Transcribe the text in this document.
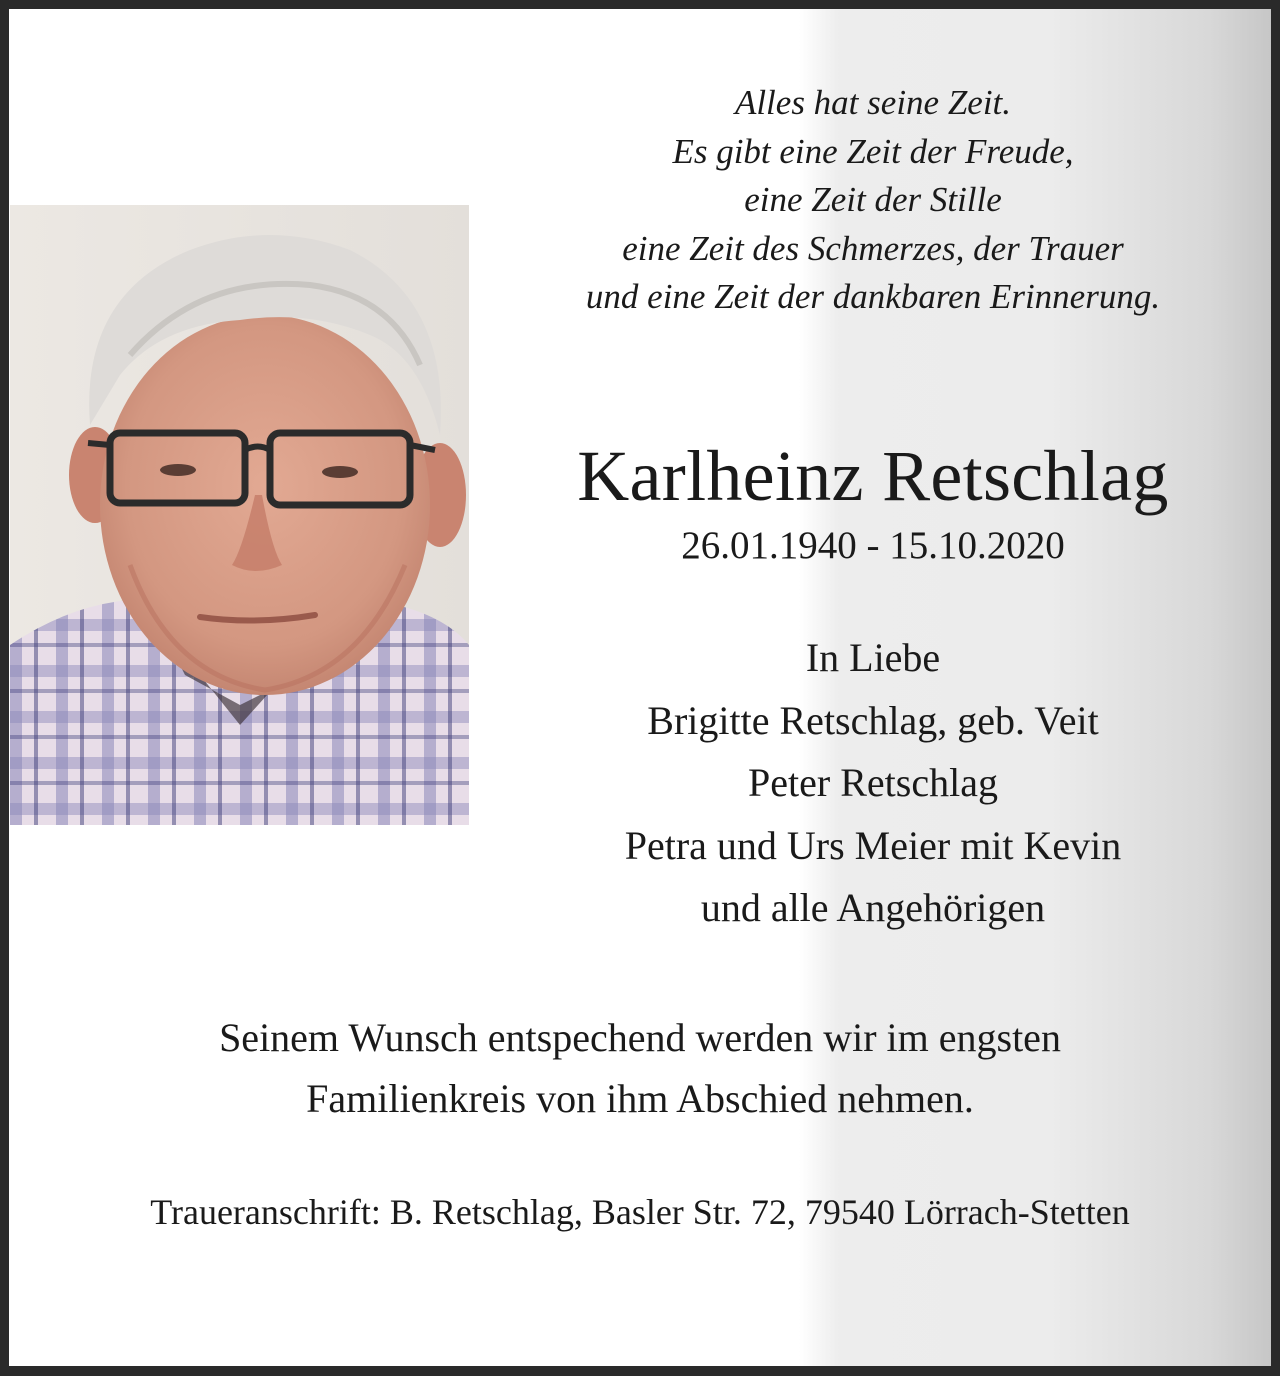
Alles hat seine Zeit.
Es gibt eine Zeit der Freude,
eine Zeit der Stille
eine Zeit des Schmerzes, der Trauer
und eine Zeit der dankbaren Erinnerung.
Karlheinz Retschlag
26.01.1940 - 15.10.2020
In Liebe
Brigitte Retschlag, geb. Veit
Peter Retschlag
Petra und Urs Meier mit Kevin
und alle Angehörigen
Seinem Wunsch entspechend werden wir im engsten
Familienkreis von ihm Abschied nehmen.
Traueranschrift: B. Retschlag, Basler Str. 72, 79540 Lörrach-Stetten
